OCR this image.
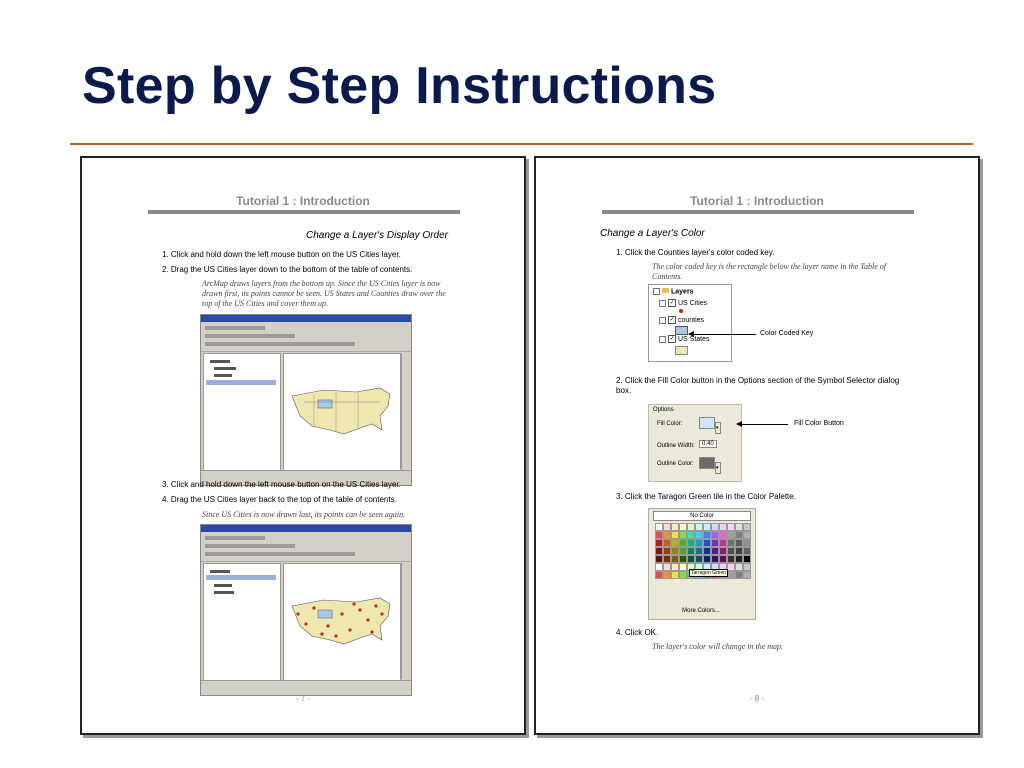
Step by Step Instructions
Tutorial 1 : Introduction
Change a Layer's Display Order
1. Click and hold down the left mouse button on the US Cities layer.
2. Drag the US Cities layer down to the bottom of the table of contents.
ArcMap draws layers from the bottom up. Since the US Cities layer is now drawn first, its points cannot be seen. US States and Counties draw over the top of the US Cities and cover them up.
3. Click and hold down the left mouse button on the US Cities layer.
4. Drag the US Cities layer back to the top of the table of contents.
Since US Cities is now drawn last, its points can be seen again.
- 7 -
Tutorial 1 : Introduction
Change a Layer's Color
1. Click the Counties layer's color coded key.
The color coded key is the rectangle below the layer name in the Table of Contents.
Layers
✓ US Cities
✓ counties
✓ US States
Color Coded Key
2. Click the Fill Color button in the Options section of the Symbol Selector dialog box.
Options
Fill Color:
▾
Outline Width:	0.40
Outline Color:
▾
Fill Color Button
3. Click the Taragon Green tile in the Color Palette.
No Color
Tarragon Green
More Colors...
4. Click OK.
The layer's color will change in the map.
- 8 -
